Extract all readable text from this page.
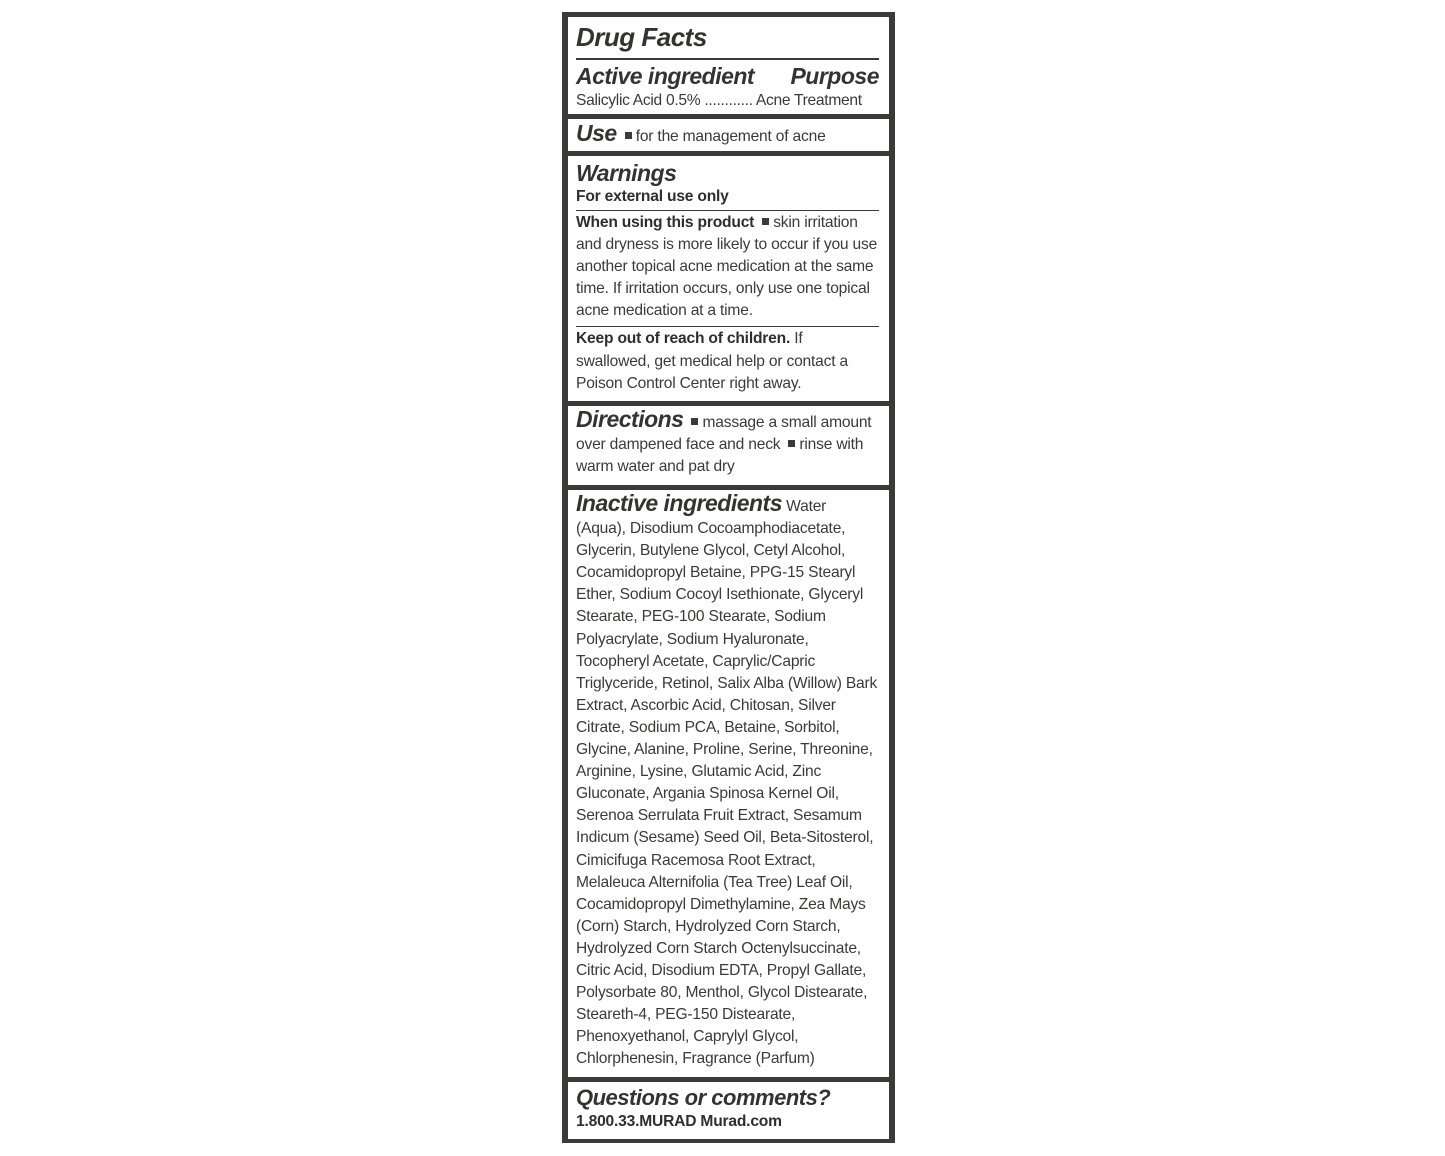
Drug Facts
Active ingredient Purpose
Salicylic Acid 0.5% ............ Acne Treatment
Use for the management of acne
Warnings
For external use only
When using this product skin irritation and dryness is more likely to occur if you use another topical acne medication at the same time. If irritation occurs, only use one topical acne medication at a time.
Keep out of reach of children. If swallowed, get medical help or contact a Poison Control Center right away.
Directions massage a small amount over dampened face and neck rinse with warm water and pat dry
Inactive ingredients Water (Aqua), Disodium Cocoamphodiacetate, Glycerin, Butylene Glycol, Cetyl Alcohol, Cocamidopropyl Betaine, PPG-15 Stearyl Ether, Sodium Cocoyl Isethionate, Glyceryl Stearate, PEG-100 Stearate, Sodium Polyacrylate, Sodium Hyaluronate, Tocopheryl Acetate, Caprylic/Capric Triglyceride, Retinol, Salix Alba (Willow) Bark Extract, Ascorbic Acid, Chitosan, Silver Citrate, Sodium PCA, Betaine, Sorbitol, Glycine, Alanine, Proline, Serine, Threonine, Arginine, Lysine, Glutamic Acid, Zinc Gluconate, Argania Spinosa Kernel Oil, Serenoa Serrulata Fruit Extract, Sesamum Indicum (Sesame) Seed Oil, Beta-Sitosterol, Cimicifuga Racemosa Root Extract, Melaleuca Alternifolia (Tea Tree) Leaf Oil, Cocamidopropyl Dimethylamine, Zea Mays (Corn) Starch, Hydrolyzed Corn Starch, Hydrolyzed Corn Starch Octenylsuccinate, Citric Acid, Disodium EDTA, Propyl Gallate, Polysorbate 80, Menthol, Glycol Distearate, Steareth-4, PEG-150 Distearate, Phenoxyethanol, Caprylyl Glycol, Chlorphenesin, Fragrance (Parfum)
Questions or comments?
1.800.33.MURAD Murad.com
